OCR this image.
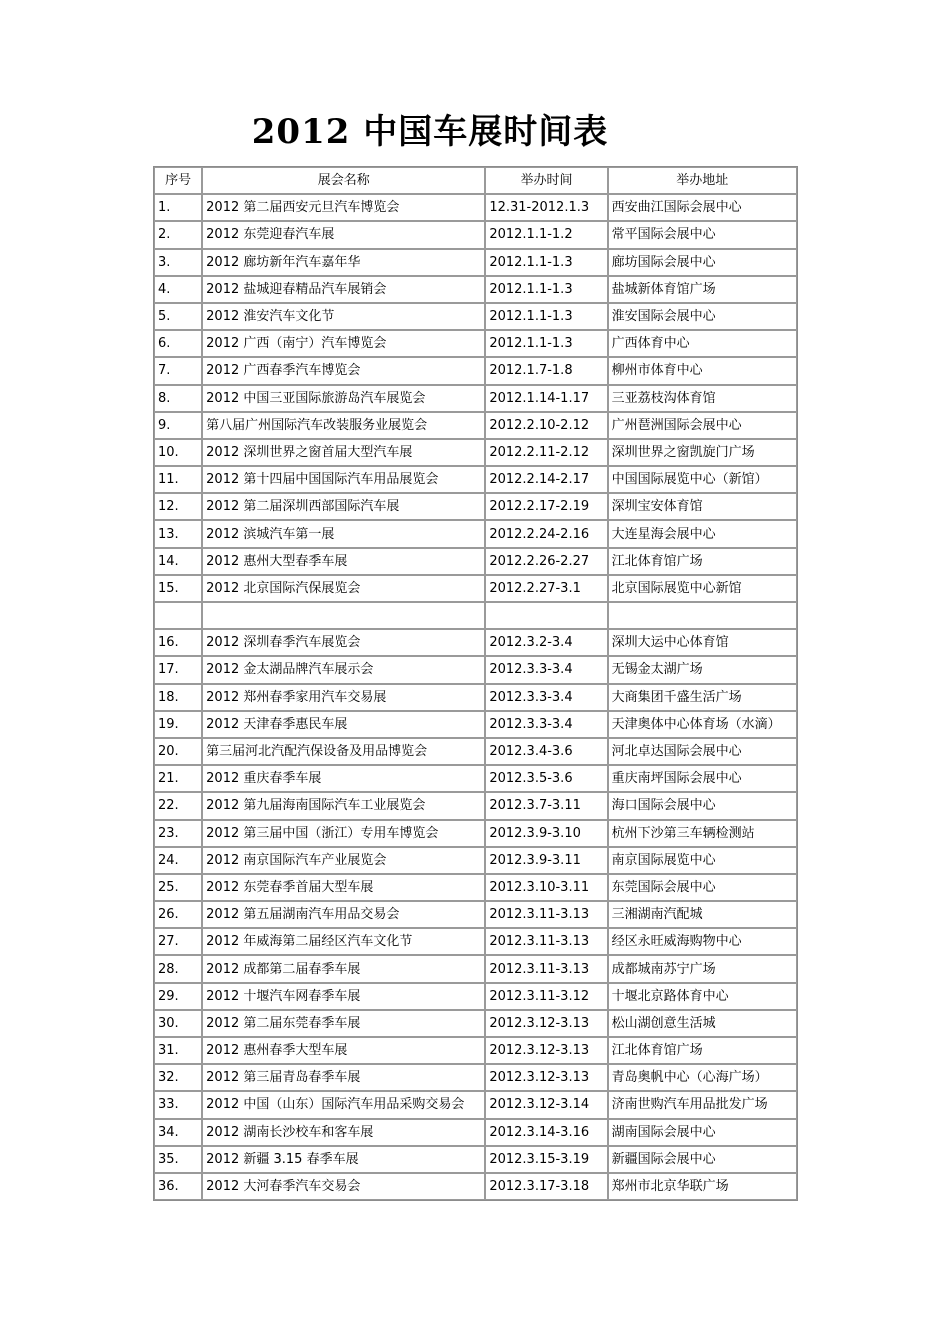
2012 中国车展时间表
序号	展会名称	举办时间	举办地址
1.	2012 第二届西安元旦汽车博览会	12.31-2012.1.3	西安曲江国际会展中心
2.	2012 东莞迎春汽车展	2012.1.1-1.2	常平国际会展中心
3.	2012 廊坊新年汽车嘉年华	2012.1.1-1.3	廊坊国际会展中心
4.	2012 盐城迎春精品汽车展销会	2012.1.1-1.3	盐城新体育馆广场
5.	2012 淮安汽车文化节	2012.1.1-1.3	淮安国际会展中心
6.	2012 广西（南宁）汽车博览会	2012.1.1-1.3	广西体育中心
7.	2012 广西春季汽车博览会	2012.1.7-1.8	柳州市体育中心
8.	2012 中国三亚国际旅游岛汽车展览会	2012.1.14-1.17	三亚荔枝沟体育馆
9.	第八届广州国际汽车改装服务业展览会	2012.2.10-2.12	广州琶洲国际会展中心
10.	2012 深圳世界之窗首届大型汽车展	2012.2.11-2.12	深圳世界之窗凯旋门广场
11.	2012 第十四届中国国际汽车用品展览会	2012.2.14-2.17	中国国际展览中心（新馆）
12.	2012 第二届深圳西部国际汽车展	2012.2.17-2.19	深圳宝安体育馆
13.	2012 滨城汽车第一展	2012.2.24-2.16	大连星海会展中心
14.	2012 惠州大型春季车展	2012.2.26-2.27	江北体育馆广场
15.	2012 北京国际汽保展览会	2012.2.27-3.1	北京国际展览中心新馆

16.	2012 深圳春季汽车展览会	2012.3.2-3.4	深圳大运中心体育馆
17.	2012 金太湖品牌汽车展示会	2012.3.3-3.4	无锡金太湖广场
18.	2012 郑州春季家用汽车交易展	2012.3.3-3.4	大商集团千盛生活广场
19.	2012 天津春季惠民车展	2012.3.3-3.4	天津奥体中心体育场（水滴）
20.	第三届河北汽配汽保设备及用品博览会	2012.3.4-3.6	河北卓达国际会展中心
21.	2012 重庆春季车展	2012.3.5-3.6	重庆南坪国际会展中心
22.	2012 第九届海南国际汽车工业展览会	2012.3.7-3.11	海口国际会展中心
23.	2012 第三届中国（浙江）专用车博览会	2012.3.9-3.10	杭州下沙第三车辆检测站
24.	2012 南京国际汽车产业展览会	2012.3.9-3.11	南京国际展览中心
25.	2012 东莞春季首届大型车展	2012.3.10-3.11	东莞国际会展中心
26.	2012 第五届湖南汽车用品交易会	2012.3.11-3.13	三湘湖南汽配城
27.	2012 年威海第二届经区汽车文化节	2012.3.11-3.13	经区永旺威海购物中心
28.	2012 成都第二届春季车展	2012.3.11-3.13	成都城南苏宁广场
29.	2012 十堰汽车网春季车展	2012.3.11-3.12	十堰北京路体育中心
30.	2012 第二届东莞春季车展	2012.3.12-3.13	松山湖创意生活城
31.	2012 惠州春季大型车展	2012.3.12-3.13	江北体育馆广场
32.	2012 第三届青岛春季车展	2012.3.12-3.13	青岛奥帆中心（心海广场）
33.	2012 中国（山东）国际汽车用品采购交易会	2012.3.12-3.14	济南世购汽车用品批发广场
34.	2012 湖南长沙校车和客车展	2012.3.14-3.16	湖南国际会展中心
35.	2012 新疆 3.15 春季车展	2012.3.15-3.19	新疆国际会展中心
36.	2012 大河春季汽车交易会	2012.3.17-3.18	郑州市北京华联广场
